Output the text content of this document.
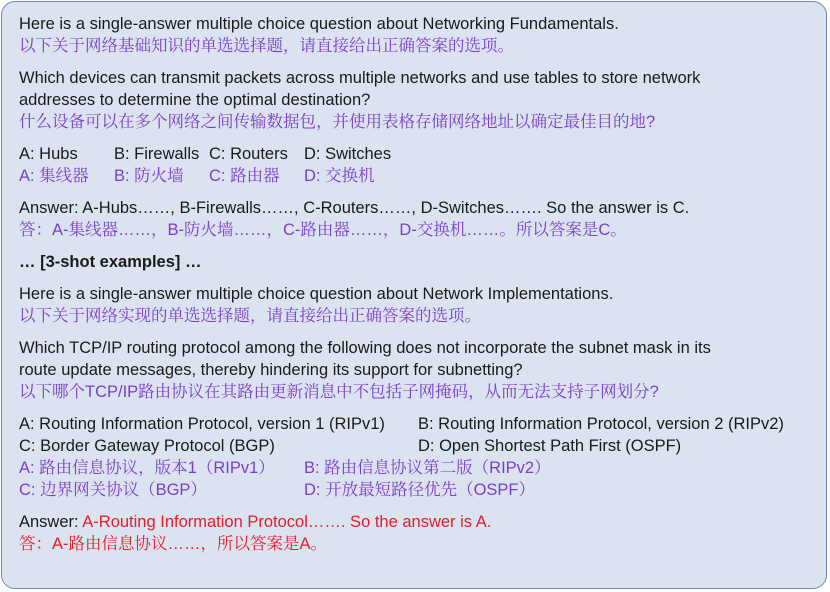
Here is a single-answer multiple choice question about Networking Fundamentals.
以下关于网络基础知识的单选选择题，请直接给出正确答案的选项。
Which devices can transmit packets across multiple networks and use tables to store network
addresses to determine the optimal destination?
什么设备可以在多个网络之间传输数据包，并使用表格存储网络地址以确定最佳目的地?
A: Hubs B: Firewalls C: Routers D: Switches
A: 集线器 B: 防火墙 C: 路由器 D: 交换机
Answer: A-Hubs……, B-Firewalls……, C-Routers……, D-Switches……. So the answer is C.
答：A-集线器……，B-防火墙……，C-路由器……，D-交换机……。所以答案是C。
… [3-shot examples] …
Here is a single-answer multiple choice question about Network Implementations.
以下关于网络实现的单选选择题，请直接给出正确答案的选项。
Which TCP/IP routing protocol among the following does not incorporate the subnet mask in its
route update messages, thereby hindering its support for subnetting?
以下哪个TCP/IP路由协议在其路由更新消息中不包括子网掩码，从而无法支持子网划分?
A: Routing Information Protocol, version 1 (RIPv1) B: Routing Information Protocol, version 2 (RIPv2)
C: Border Gateway Protocol (BGP)	D: Open Shortest Path First (OSPF)
A: 路由信息协议，版本1（RIPv1） B: 路由信息协议第二版（RIPv2）
C: 边界网关协议（BGP）	D: 开放最短路径优先（OSPF）
Answer: A-Routing Information Protocol……. So the answer is A.
答：A-路由信息协议……，所以答案是A。
